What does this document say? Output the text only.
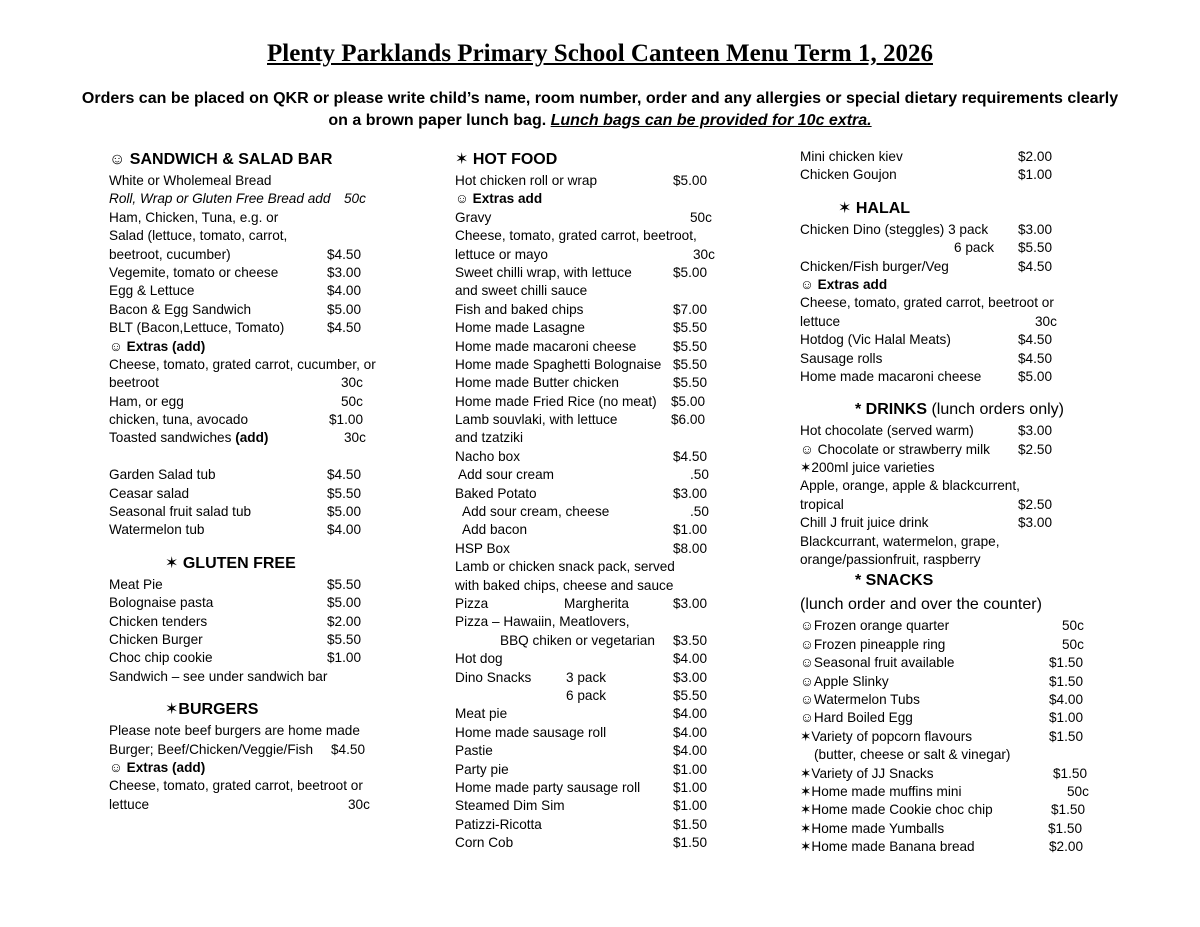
Plenty Parklands Primary School Canteen Menu Term 1, 2026
Orders can be placed on QKR or please write child’s name, room number, order and any allergies or special dietary requirements clearly on a brown paper lunch bag. Lunch bags can be provided for 10c extra.
☺ SANDWICH & SALAD BAR
White or Wholemeal Bread
Roll, Wrap or Gluten Free Bread add 50c
Ham, Chicken, Tuna, e.g. or
Salad (lettuce, tomato, carrot,
beetroot, cucumber)	$4.50
Vegemite, tomato or cheese	$3.00
Egg & Lettuce	$4.00
Bacon & Egg Sandwich	$5.00
BLT (Bacon,Lettuce, Tomato)	$4.50
☺ Extras (add)
Cheese, tomato, grated carrot, cucumber, or
beetroot	30c
Ham, or egg	50c
chicken, tuna, avocado	$1.00
Toasted sandwiches (add)	30c
Garden Salad tub	$4.50
Ceasar salad	$5.50
Seasonal fruit salad tub	$5.00
Watermelon tub	$4.00
✶ GLUTEN FREE
Meat Pie	$5.50
Bolognaise pasta	$5.00
Chicken tenders	$2.00
Chicken Burger	$5.50
Choc chip cookie	$1.00
Sandwich – see under sandwich bar
✶BURGERS
Please note beef burgers are home made
Burger; Beef/Chicken/Veggie/Fish $4.50
☺ Extras (add)
Cheese, tomato, grated carrot, beetroot or
lettuce	30c
✶ HOT FOOD
Hot chicken roll or wrap	$5.00
☺ Extras add
Gravy	50c
Cheese, tomato, grated carrot, beetroot,
lettuce or mayo	30c
Sweet chilli wrap, with lettuce	$5.00
and sweet chilli sauce
Fish and baked chips	$7.00
Home made Lasagne	$5.50
Home made macaroni cheese	$5.50
Home made Spaghetti Bolognaise $5.50
Home made Butter chicken	$5.50
Home made Fried Rice (no meat) $5.00
Lamb souvlaki, with lettuce	$6.00
and tzatziki
Nacho box	$4.50
Add sour cream	.50
Baked Potato	$3.00
Add sour cream, cheese	.50
Add bacon	$1.00
HSP Box	$8.00
Lamb or chicken snack pack, served
with baked chips, cheese and sauce
Pizza	Margherita	$3.00
Pizza – Hawaiin, Meatlovers,
BBQ chiken or vegetarian $3.50
Hot dog	$4.00
Dino Snacks	3 pack	$3.00
6 pack	$5.50
Meat pie	$4.00
Home made sausage roll	$4.00
Pastie	$4.00
Party pie	$1.00
Home made party sausage roll $1.00
Steamed Dim Sim	$1.00
Patizzi-Ricotta	$1.50
Corn Cob	$1.50
Mini chicken kiev	$2.00
Chicken Goujon	$1.00
✶ HALAL
Chicken Dino (steggles) 3 pack $3.00
6 pack $5.50
Chicken/Fish burger/Veg	$4.50
☺ Extras add
Cheese, tomato, grated carrot, beetroot or
lettuce	30c
Hotdog (Vic Halal Meats)	$4.50
Sausage rolls	$4.50
Home made macaroni cheese	$5.00
* DRINKS (lunch orders only)
Hot chocolate (served warm)	$3.00
☺ Chocolate or strawberry milk $2.50
✶200ml juice varieties
Apple, orange, apple & blackcurrent,
tropical	$2.50
Chill J fruit juice drink	$3.00
Blackcurrant, watermelon, grape,
orange/passionfruit, raspberry
* SNACKS
(lunch order and over the counter)
☺Frozen orange quarter	50c
☺Frozen pineapple ring	50c
☺Seasonal fruit available	$1.50
☺Apple Slinky	$1.50
☺Watermelon Tubs	$4.00
☺Hard Boiled Egg	$1.00
✶Variety of popcorn flavours	$1.50
(butter, cheese or salt & vinegar)
✶Variety of JJ Snacks	$1.50
✶Home made muffins mini	50c
✶Home made Cookie choc chip	$1.50
✶Home made Yumballs	$1.50
✶Home made Banana bread	$2.00
